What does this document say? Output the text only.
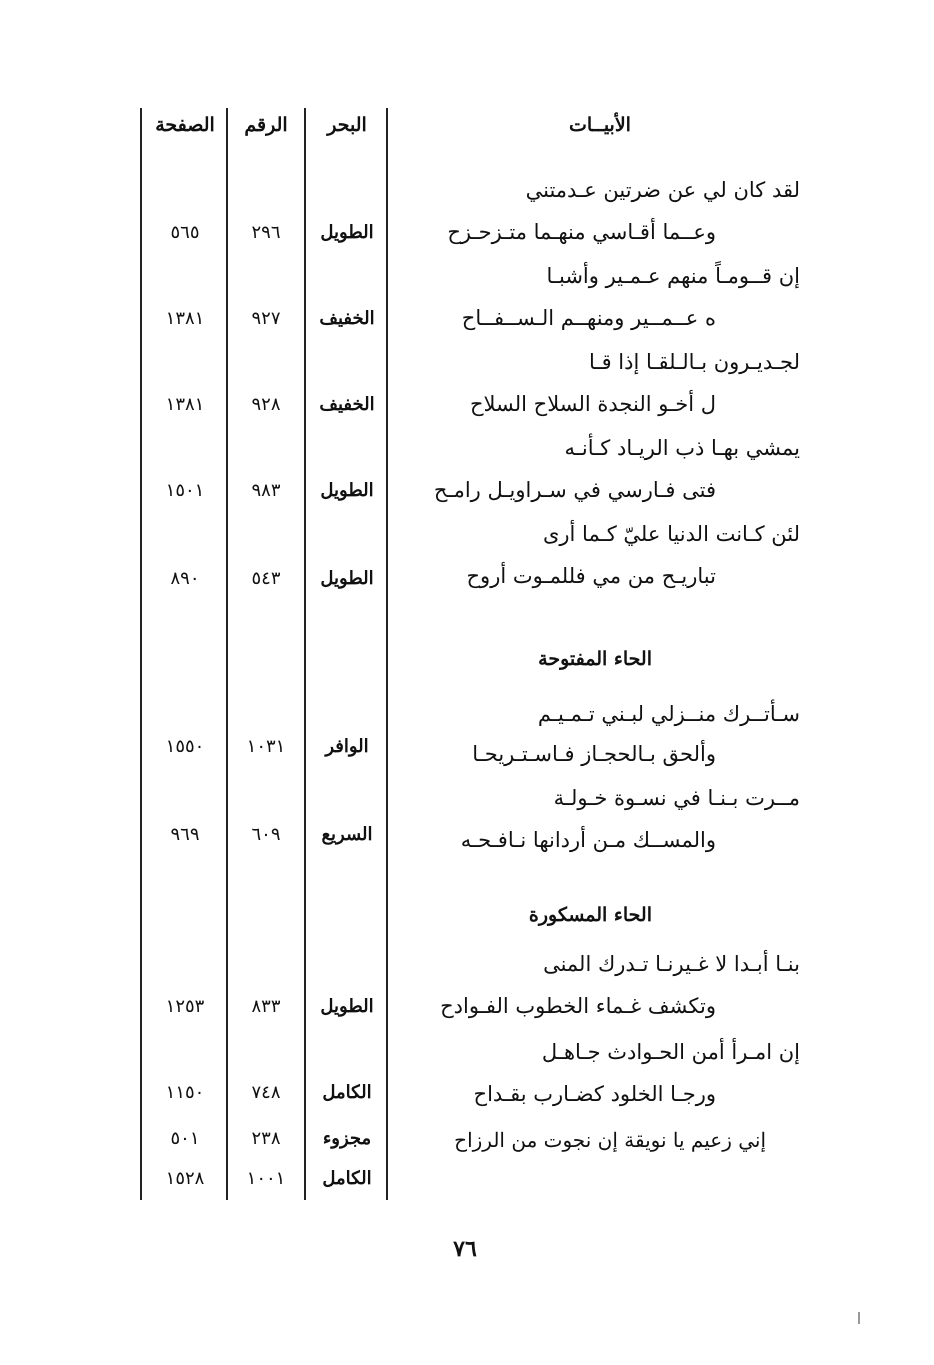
الأبيــات
البحر
الرقم
الصفحة
لقد كان لي عن ضرتين عـدمتني
وعــما أقـاسي منهـما متـزحـزح
الطويل
٢٩٦
٥٦٥
إن قــومـاً منهم عـمـير وأشبـا
ه عــمــير ومنهــم الـســفــاح
الخفيف
٩٢٧
١٣٨١
لجـديـرون بـالـلقـا إذا قـا
ل أخـو النجدة السلاح السلاح
الخفيف
٩٢٨
١٣٨١
يمشي بهـا ذب الريـاد كـأنـه
فتى فـارسي في سـراويـل رامـح
الطويل
٩٨٣
١٥٠١
لئن كـانت الدنيا عليّ كـما أرى
تباريـح من مي فللمـوت أروح
الطويل
٥٤٣
٨٩٠
الحاء المفتوحة
سـأتــرك منــزلي لبـني تـمـيـم
وألحق بـالحجـاز فـاسـتـريحـا
الوافر
١٠٣١
١٥٥٠
مــرت بـنـا في نسـوة خـولـة
والمســك مـن أردانها نـافـحـه
السريع
٦٠٩
٩٦٩
الحاء المسكورة
بنـا أبـدا لا غـيرنـا تـدرك المنى
وتكشف غـماء الخطوب الفـوادح
الطويل
٨٣٣
١٢٥٣
إن امـرأ أمن الحـوادث جـاهـل
ورجـا الخلود كضـارب بقـداح
الكامل
٧٤٨
١١٥٠
إني زعيم يا نويقة إن نجوت من الرزاح
مجزوء
٢٣٨
٥٠١
الكامل
١٠٠١
١٥٢٨
٧٦
